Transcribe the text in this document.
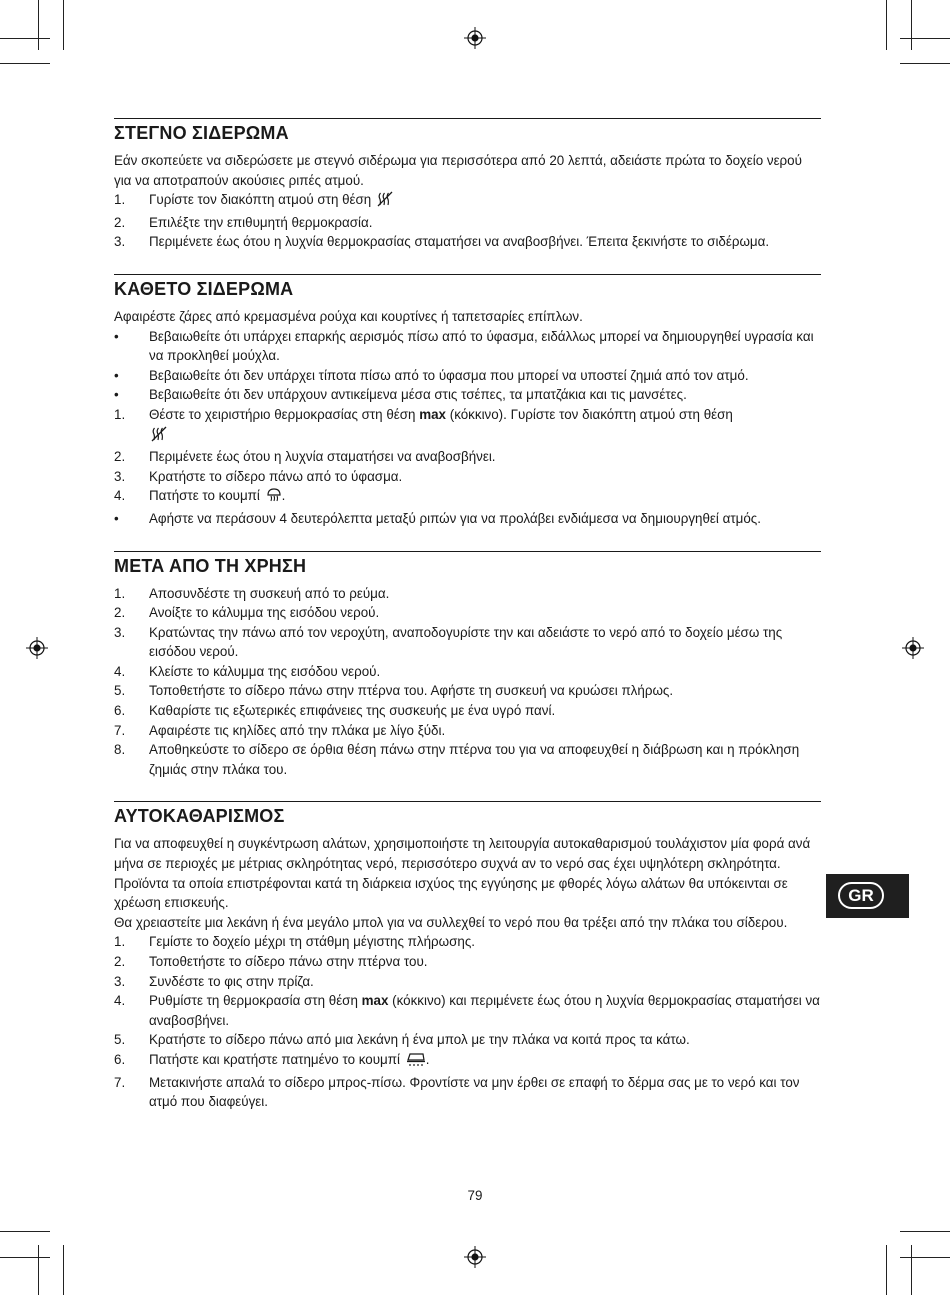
ΣΤΕΓΝΟ ΣΙΔΕΡΩΜΑ

Εάν σκοπεύετε να σιδερώσετε με στεγνό σιδέρωμα για περισσότερα από 20 λεπτά, αδειάστε πρώτα το δοχείο νερού για να αποτραπούν ακούσιες ριπές ατμού.

1. Γυρίστε τον διακόπτη ατμού στη θέση
2. Επιλέξτε την επιθυμητή θερμοκρασία.
3. Περιμένετε έως ότου η λυχνία θερμοκρασίας σταματήσει να αναβοσβήνει. Έπειτα ξεκινήστε το σιδέρωμα.
ΚΑΘΕΤΟ ΣΙΔΕΡΩΜΑ

Αφαιρέστε ζάρες από κρεμασμένα ρούχα και κουρτίνες ή ταπετσαρίες επίπλων.

• Βεβαιωθείτε ότι υπάρχει επαρκής αερισμός πίσω από το ύφασμα, ειδάλλως μπορεί να δημιουργηθεί υγρασία και να προκληθεί μούχλα.
• Βεβαιωθείτε ότι δεν υπάρχει τίποτα πίσω από το ύφασμα που μπορεί να υποστεί ζημιά από τον ατμό.
• Βεβαιωθείτε ότι δεν υπάρχουν αντικείμενα μέσα στις τσέπες, τα μπατζάκια και τις μανσέτες.
1. Θέστε το χειριστήριο θερμοκρασίας στη θέση max (κόκκινο). Γυρίστε τον διακόπτη ατμού στη θέση

2. Περιμένετε έως ότου η λυχνία σταματήσει να αναβοσβήνει.
3. Κρατήστε το σίδερο πάνω από το ύφασμα.
4. Πατήστε το κουμπί .
• Αφήστε να περάσουν 4 δευτερόλεπτα μεταξύ ριπών για να προλάβει ενδιάμεσα να δημιουργηθεί ατμός.
ΜΕΤΑ ΑΠΟ ΤΗ ΧΡΗΣΗ
1. Αποσυνδέστε τη συσκευή από το ρεύμα.
2. Ανοίξτε το κάλυμμα της εισόδου νερού.
3. Κρατώντας την πάνω από τον νεροχύτη, αναποδογυρίστε την και αδειάστε το νερό από το δοχείο μέσω της εισόδου νερού.
4. Κλείστε το κάλυμμα της εισόδου νερού.
5. Τοποθετήστε το σίδερο πάνω στην πτέρνα του. Αφήστε τη συσκευή να κρυώσει πλήρως.
6. Καθαρίστε τις εξωτερικές επιφάνειες της συσκευής με ένα υγρό πανί.
7. Αφαιρέστε τις κηλίδες από την πλάκα με λίγο ξύδι.
8. Αποθηκεύστε το σίδερο σε όρθια θέση πάνω στην πτέρνα του για να αποφευχθεί η διάβρωση και η πρόκληση ζημιάς στην πλάκα του.
ΑΥΤΟΚΑΘΑΡΙΣΜΟΣ

Για να αποφευχθεί η συγκέντρωση αλάτων, χρησιμοποιήστε τη λειτουργία αυτοκαθαρισμού τουλάχιστον μία φορά ανά μήνα σε περιοχές με μέτριας σκληρότητας νερό, περισσότερο συχνά αν το νερό σας έχει υψηλότερη σκληρότητα.

Προϊόντα τα οποία επιστρέφονται κατά τη διάρκεια ισχύος της εγγύησης με φθορές λόγω αλάτων θα υπόκεινται σε χρέωση επισκευής.

Θα χρειαστείτε μια λεκάνη ή ένα μεγάλο μπολ για να συλλεχθεί το νερό που θα τρέξει από την πλάκα του σίδερου.

1. Γεμίστε το δοχείο μέχρι τη στάθμη μέγιστης πλήρωσης.
2. Τοποθετήστε το σίδερο πάνω στην πτέρνα του.
3. Συνδέστε το φις στην πρίζα.
4. Ρυθμίστε τη θερμοκρασία στη θέση max (κόκκινο) και περιμένετε έως ότου η λυχνία θερμοκρασίας σταματήσει να αναβοσβήνει.
5. Κρατήστε το σίδερο πάνω από μια λεκάνη ή ένα μπολ με την πλάκα να κοιτά προς τα κάτω.
6. Πατήστε και κρατήστε πατημένο το κουμπί .
7. Μετακινήστε απαλά το σίδερο μπρος-πίσω. Φροντίστε να μην έρθει σε επαφή το δέρμα σας με το νερό και τον ατμό που διαφεύγει.
GR
79
